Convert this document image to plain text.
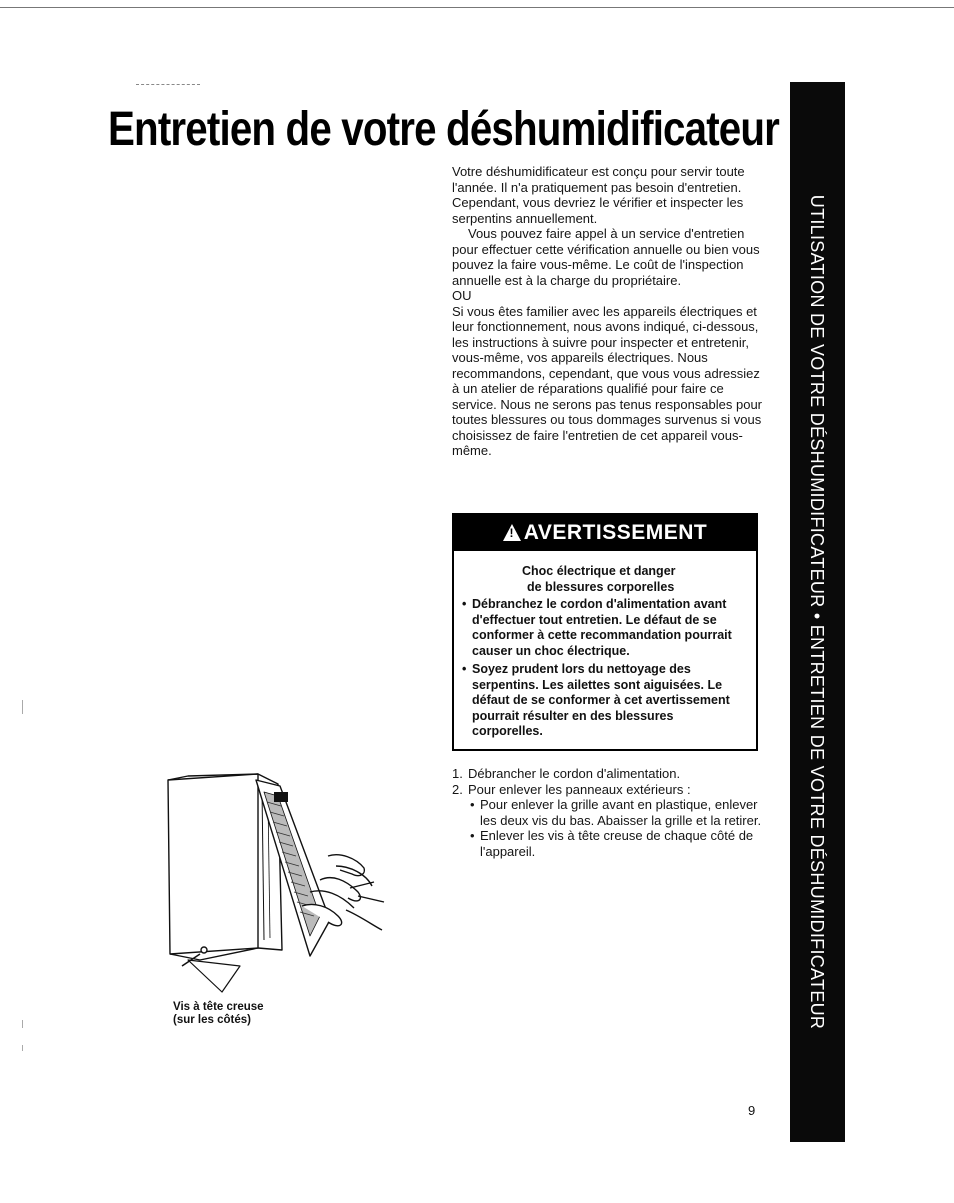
Entretien de votre déshumidificateur

Votre déshumidificateur est conçu pour servir toute l'année. Il n'a pratiquement pas besoin d'entretien. Cependant, vous devriez le vérifier et inspecter les serpentins annuellement.

Vous pouvez faire appel à un service d'entretien pour effectuer cette vérification annuelle ou bien vous pouvez la faire vous-même. Le coût de l'inspection annuelle est à la charge du propriétaire.

OU

Si vous êtes familier avec les appareils électriques et leur fonctionnement, nous avons indiqué, ci-dessous, les instructions à suivre pour inspecter et entretenir, vous-même, vos appareils électriques. Nous recommandons, cependant, que vous vous adressiez à un atelier de réparations qualifié pour faire ce service. Nous ne serons pas tenus responsables pour toutes blessures ou tous dommages survenus si vous choisissez de faire l'entretien de cet appareil vous-même.

! AVERTISSEMENT
Choc électrique et danger
de blessures corporelles
• Débranchez le cordon d'alimentation avant d'effectuer tout entretien. Le défaut de se conformer à cette recommandation pourrait causer un choc électrique.
• Soyez prudent lors du nettoyage des serpentins. Les ailettes sont aiguisées. Le défaut de se conformer à cet avertissement pourrait résulter en des blessures corporelles.
1. Débrancher le cordon d'alimentation.
2. Pour enlever les panneaux extérieurs :
• Pour enlever la grille avant en plastique, enlever les deux vis du bas. Abaisser la grille et la retirer.
• Enlever les vis à tête creuse de chaque côté de l'appareil.
Vis à tête creuse
(sur les côtés)	UTILISATION DE VOTRE DÉSHUMIDIFICATEUR • ENTRETIEN DE VOTRE DÉSHUMIDIFICATEUR
9
